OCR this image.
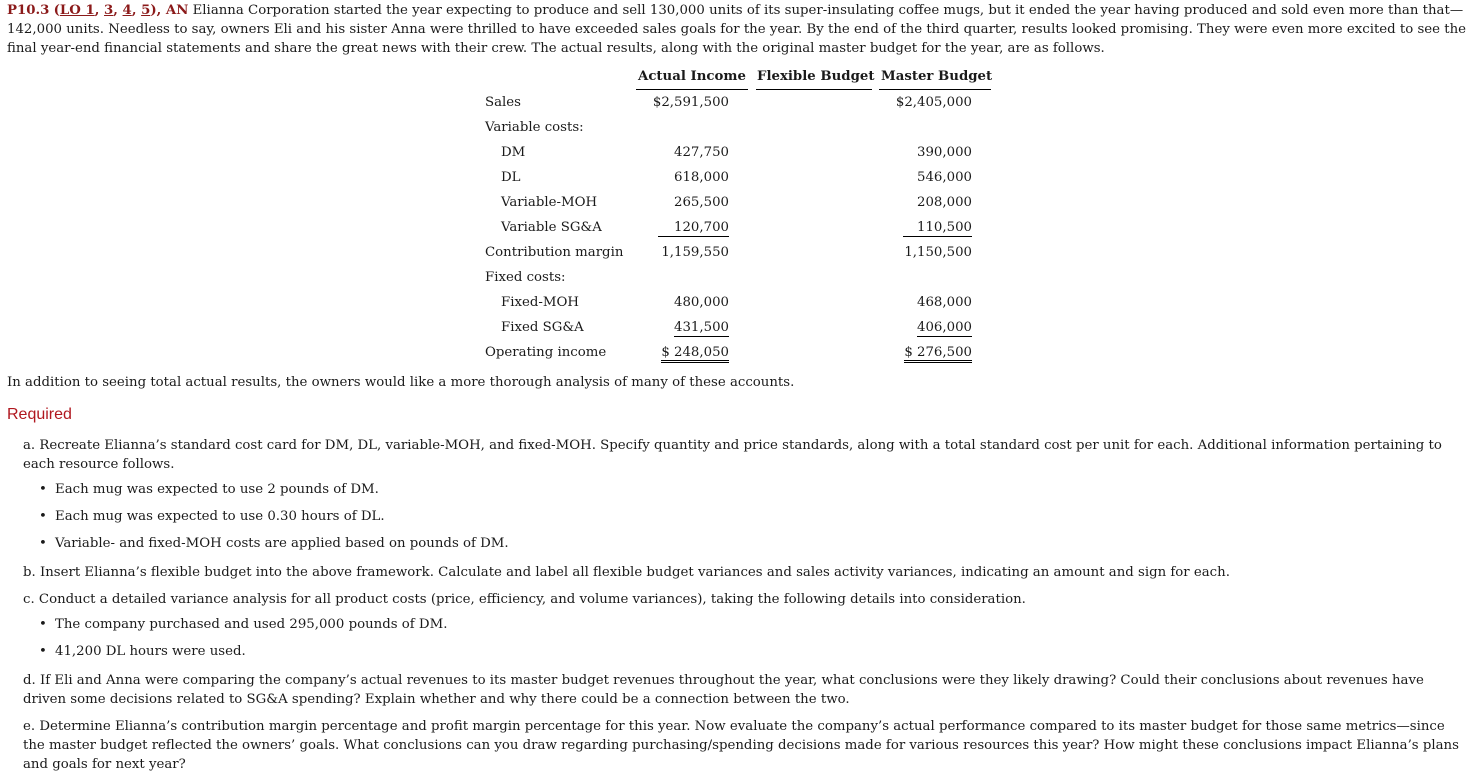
P10.3 (LO 1, 3, 4, 5), AN Elianna Corporation started the year expecting to produce and sell 130,000 units of its super-insulating coffee mugs, but it ended the year having produced and sold even more than that—142,000 units. Needless to say, owners Eli and his sister Anna were thrilled to have exceeded sales goals for the year. By the end of the third quarter, results looked promising. They were even more excited to see the final year-end financial statements and share the great news with their crew. The actual results, along with the original master budget for the year, are as follows.
Actual Income Flexible Budget Master Budget
Sales	$2,591,500	$2,405,000
Variable costs:
DM	427,750	390,000
DL	618,000	546,000
Variable-MOH	265,500	208,000
Variable SG&A	120,700	110,500
Contribution margin	1,159,550	1,150,500
Fixed costs:
Fixed-MOH	480,000	468,000
Fixed SG&A	431,500	406,000
Operating income	$ 248,050	$ 276,500
In addition to seeing total actual results, the owners would like a more thorough analysis of many of these accounts.
Required
a. Recreate Elianna’s standard cost card for DM, DL, variable-MOH, and fixed-MOH. Specify quantity and price standards, along with a total standard cost per unit for each. Additional information pertaining to each resource follows.
• Each mug was expected to use 2 pounds of DM.
• Each mug was expected to use 0.30 hours of DL.
• Variable- and fixed-MOH costs are applied based on pounds of DM.
b. Insert Elianna’s flexible budget into the above framework. Calculate and label all flexible budget variances and sales activity variances, indicating an amount and sign for each.
c. Conduct a detailed variance analysis for all product costs (price, efficiency, and volume variances), taking the following details into consideration.
• The company purchased and used 295,000 pounds of DM.
• 41,200 DL hours were used.
d. If Eli and Anna were comparing the company’s actual revenues to its master budget revenues throughout the year, what conclusions were they likely drawing? Could their conclusions about revenues have driven some decisions related to SG&A spending? Explain whether and why there could be a connection between the two.
e. Determine Elianna’s contribution margin percentage and profit margin percentage for this year. Now evaluate the company’s actual performance compared to its master budget for those same metrics—since the master budget reflected the owners’ goals. What conclusions can you draw regarding purchasing/spending decisions made for various resources this year? How might these conclusions impact Elianna’s plans and goals for next year?
